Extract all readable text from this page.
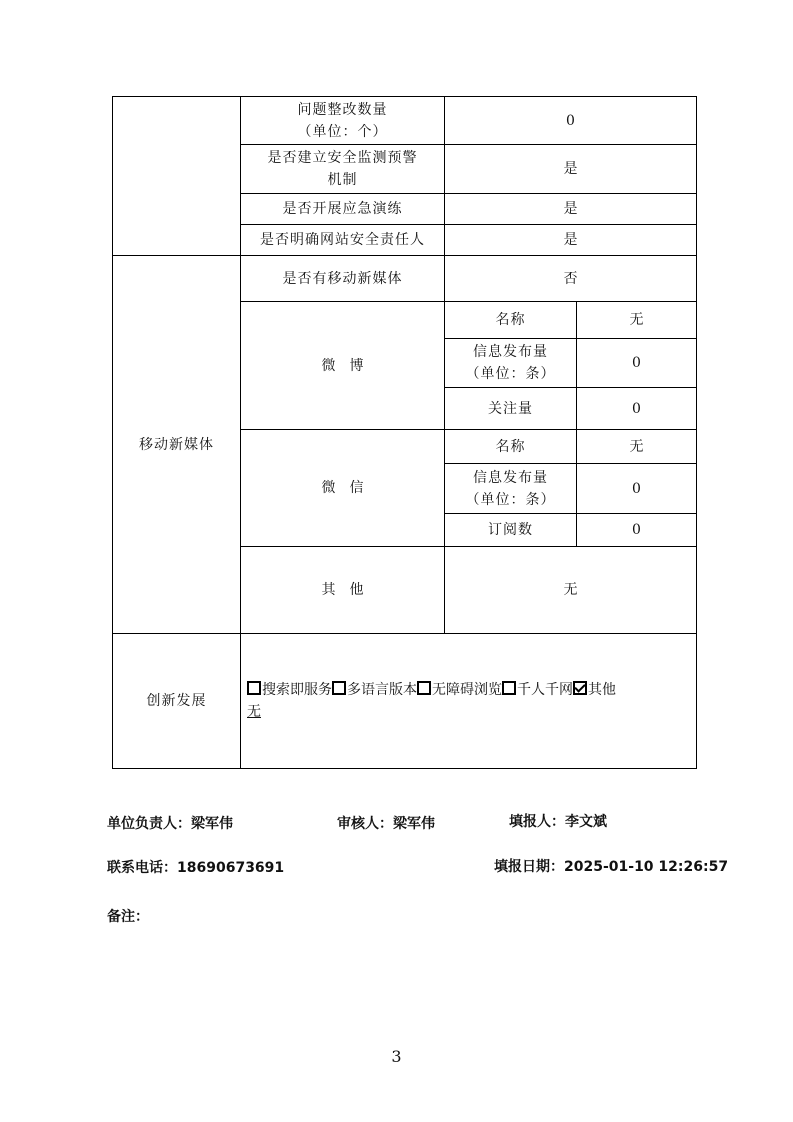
	问题整改数量
（单位：个）	0	
	是否建立安全监测预警
机制	是	
	是否开展应急演练	是	
	是否明确网站安全责任人	是	
移动新媒体	是否有移动新媒体	否	
	微　博	名称	无
		信息发布量
（单位：条）	0
		关注量	0
	微　信	名称	无
		信息发布量
（单位：条）	0
		订阅数	0
	其　他	无	
创新发展	搜索即服务 多语言版本 无障碍浏览 千人千网 其他
无		
单位负责人：梁军伟	审核人：梁军伟	填报人：李文斌
联系电话：18690673691	填报日期：2025-01-10 12:26:57
备注：
3
